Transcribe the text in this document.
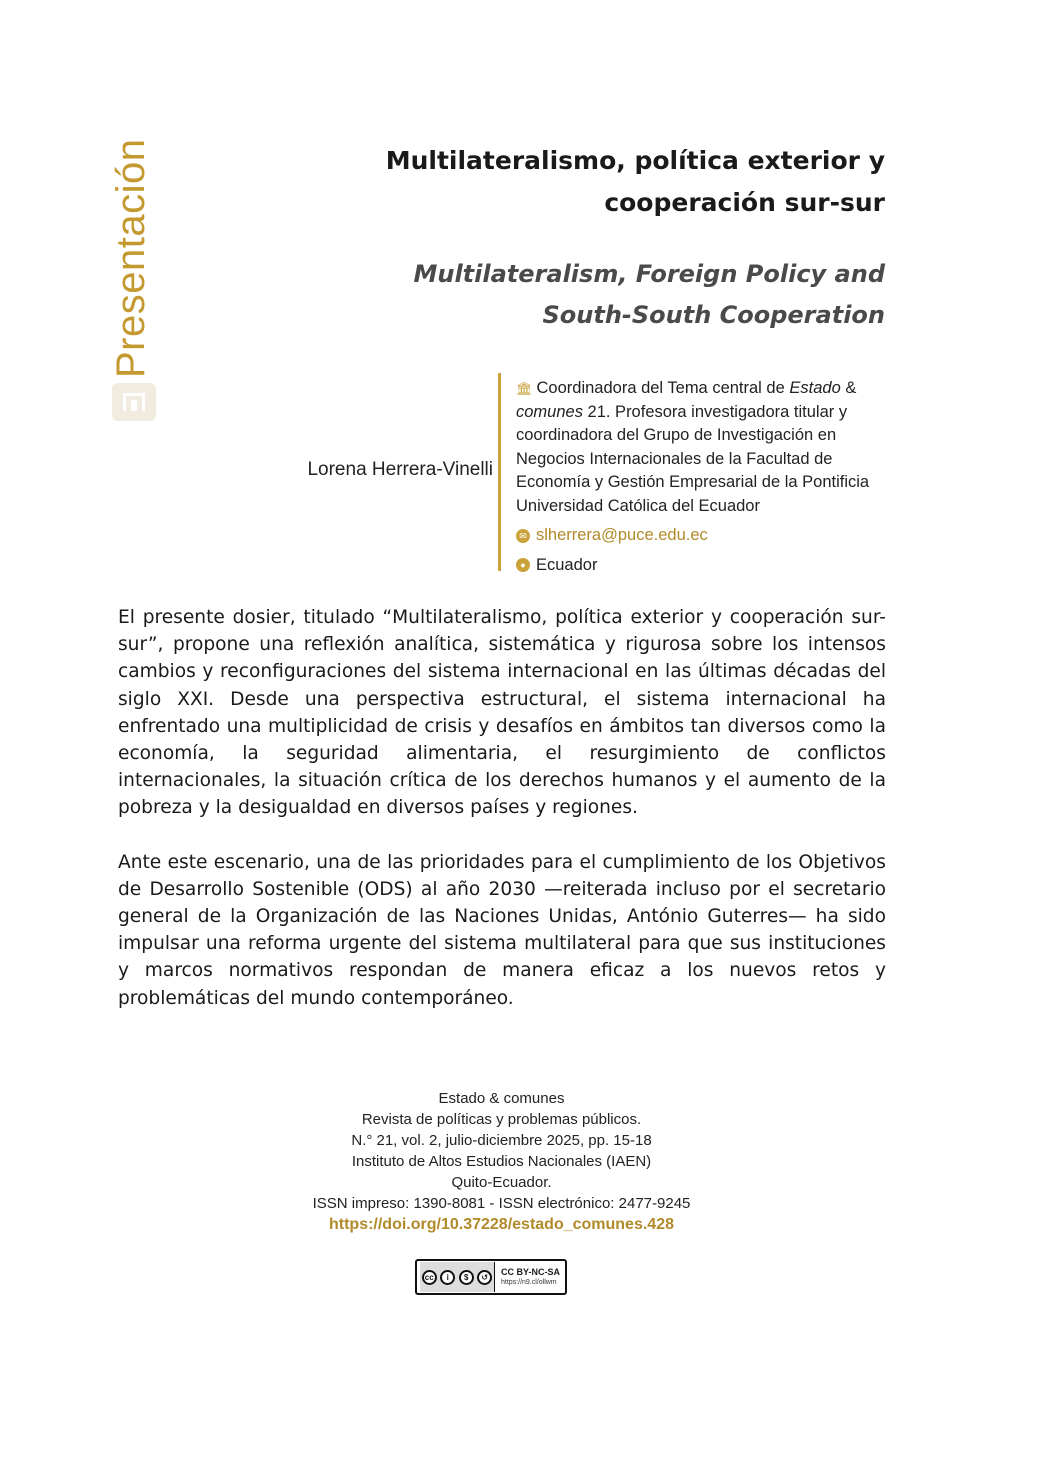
Presentación	Multilateralismo, política exterior y
cooperación sur-sur
Multilateralism, Foreign Policy and
South-South Cooperation
Lorena Herrera-Vinelli
🏛 Coordinadora del Tema central de Estado & comunes 21. Profesora investigadora titular y coordinadora del Grupo de Investigación en Negocios Internacionales de la Facultad de Economía y Gestión Empresarial de la Pontificia Universidad Católica del Ecuador
✉ slherrera@puce.edu.ec
● Ecuador

El presente dosier, titulado “Multilateralismo, política exterior y cooperación sur-sur”, propone una reflexión analítica, sistemática y rigurosa sobre los intensos cambios y reconfiguraciones del sistema internacional en las últimas décadas del siglo XXI. Desde una perspectiva estructural, el sistema internacional ha enfrentado una multiplicidad de crisis y desafíos en ámbitos tan diversos como la economía, la seguridad alimentaria, el resurgimiento de conflictos internacionales, la situación crítica de los derechos humanos y el aumento de la pobreza y la desigualdad en diversos países y regiones.

Ante este escenario, una de las prioridades para el cumplimiento de los Objetivos de Desarrollo Sostenible (ODS) al año 2030 —reiterada incluso por el secretario general de la Organización de las Naciones Unidas, António Guterres— ha sido impulsar una reforma urgente del sistema multilateral para que sus instituciones y marcos normativos respondan de manera eficaz a los nuevos retos y problemáticas del mundo contemporáneo.

Estado & comunes
Revista de políticas y problemas públicos.
N.° 21, vol. 2, julio-diciembre 2025, pp. 15-18
Instituto de Altos Estudios Nacionales (IAEN)
Quito-Ecuador.
ISSN impreso: 1390-8081 - ISSN electrónico: 2477-9245
https://doi.org/10.37228/estado_comunes.428
cc	i	$	↺	CC BY-NC-SA
https://n9.cl/ollwm
